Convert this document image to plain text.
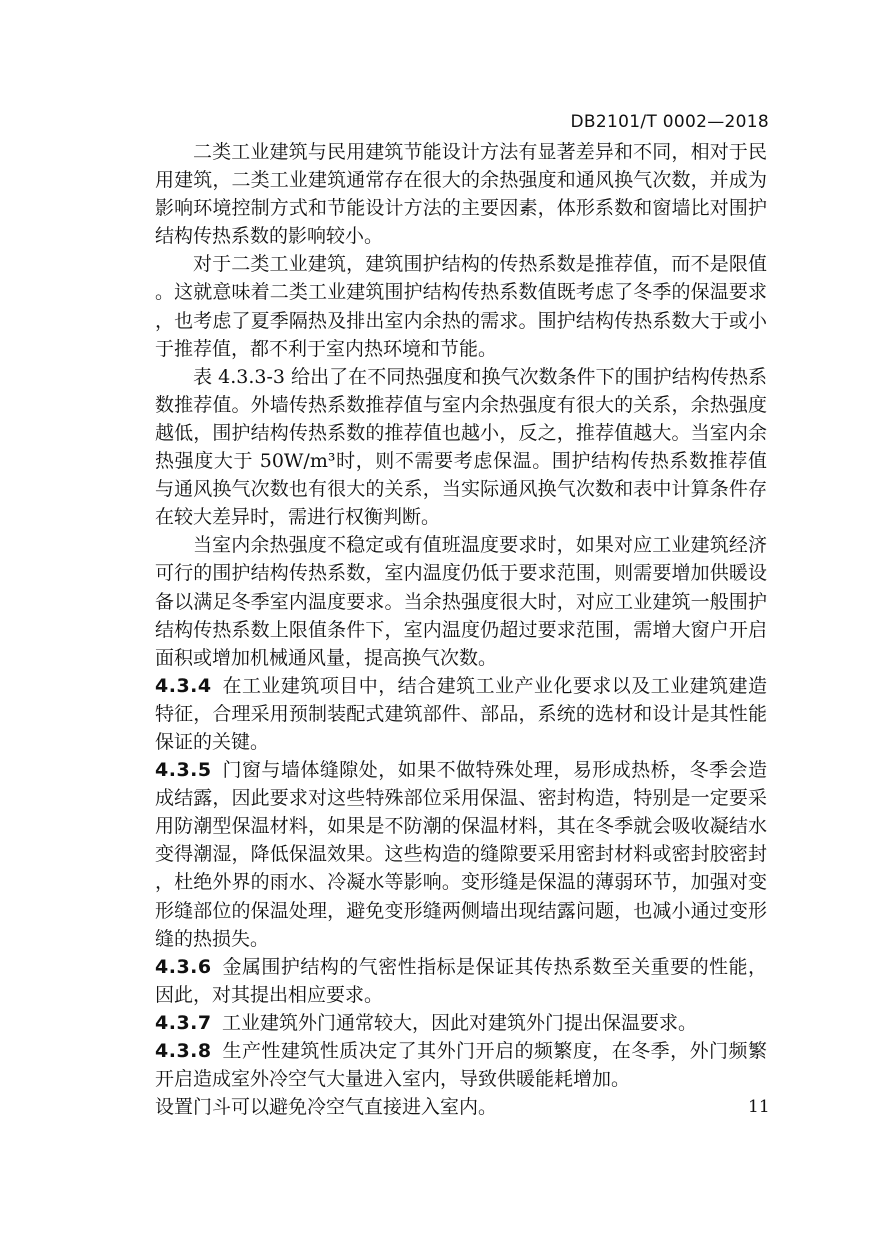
DB2101/T 0002—2018

二类工业建筑与民用建筑节能设计方法有显著差异和不同，相对于民用建筑，二类工业建筑通常存在很大的余热强度和通风换气次数，并成为影响环境控制方式和节能设计方法的主要因素，体形系数和窗墙比对围护结构传热系数的影响较小。

对于二类工业建筑，建筑围护结构的传热系数是推荐值，而不是限值。这就意味着二类工业建筑围护结构传热系数值既考虑了冬季的保温要求，也考虑了夏季隔热及排出室内余热的需求。围护结构传热系数大于或小于推荐值，都不利于室内热环境和节能。

表 4.3.3-3 给出了在不同热强度和换气次数条件下的围护结构传热系数推荐值。外墙传热系数推荐值与室内余热强度有很大的关系，余热强度越低，围护结构传热系数的推荐值也越小，反之，推荐值越大。当室内余热强度大于 50W/m³时，则不需要考虑保温。围护结构传热系数推荐值与通风换气次数也有很大的关系，当实际通风换气次数和表中计算条件存在较大差异时，需进行权衡判断。

当室内余热强度不稳定或有值班温度要求时，如果对应工业建筑经济可行的围护结构传热系数，室内温度仍低于要求范围，则需要增加供暖设备以满足冬季室内温度要求。当余热强度很大时，对应工业建筑一般围护结构传热系数上限值条件下，室内温度仍超过要求范围，需增大窗户开启面积或增加机械通风量，提高换气次数。

4.3.4 在工业建筑项目中，结合建筑工业产业化要求以及工业建筑建造特征，合理采用预制装配式建筑部件、部品，系统的选材和设计是其性能保证的关键。

4.3.5 门窗与墙体缝隙处，如果不做特殊处理，易形成热桥，冬季会造成结露，因此要求对这些特殊部位采用保温、密封构造，特别是一定要采用防潮型保温材料，如果是不防潮的保温材料，其在冬季就会吸收凝结水变得潮湿，降低保温效果。这些构造的缝隙要采用密封材料或密封胶密封，杜绝外界的雨水、冷凝水等影响。变形缝是保温的薄弱环节，加强对变形缝部位的保温处理，避免变形缝两侧墙出现结露问题，也减小通过变形缝的热损失。

4.3.6 金属围护结构的气密性指标是保证其传热系数至关重要的性能，因此，对其提出相应要求。

4.3.7 工业建筑外门通常较大，因此对建筑外门提出保温要求。

4.3.8 生产性建筑性质决定了其外门开启的频繁度，在冬季，外门频繁开启造成室外冷空气大量进入室内，导致供暖能耗增加。

设置门斗可以避免冷空气直接进入室内。	11
